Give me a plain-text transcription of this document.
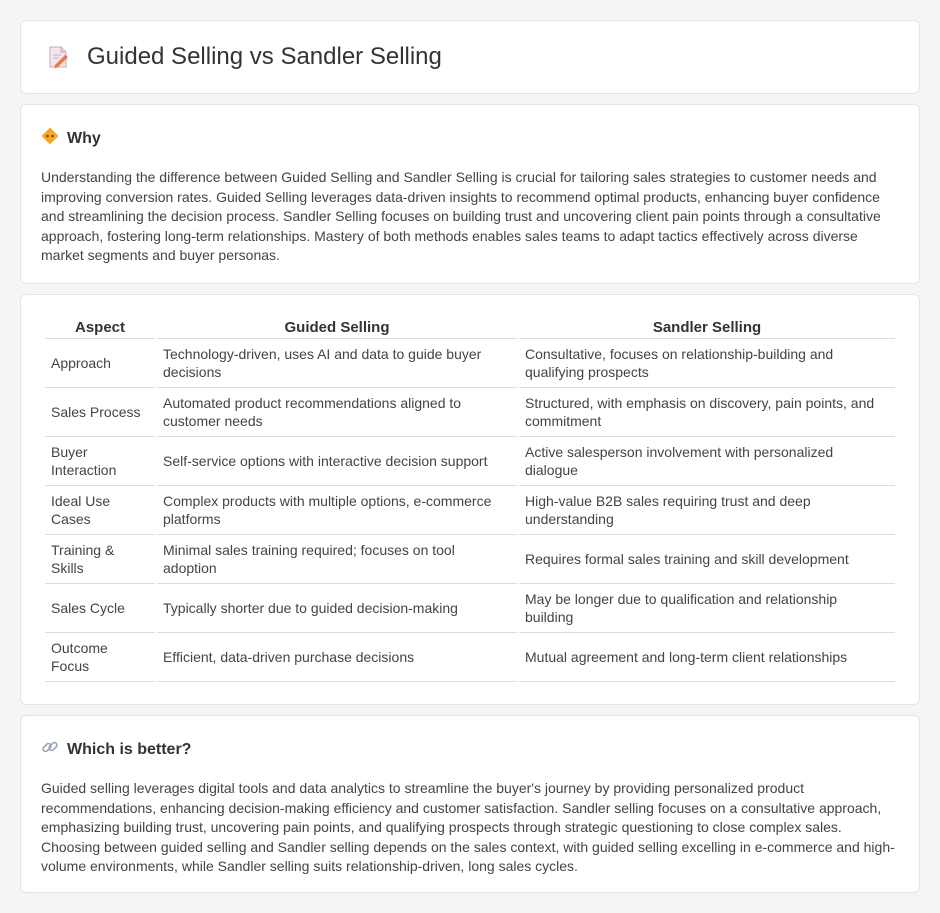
Guided Selling vs Sandler Selling
Why

Understanding the difference between Guided Selling and Sandler Selling is crucial for tailoring sales strategies to customer needs and improving conversion rates. Guided Selling leverages data-driven insights to recommend optimal products, enhancing buyer confidence and streamlining the decision process. Sandler Selling focuses on building trust and uncovering client pain points through a consultative approach, fostering long-term relationships. Mastery of both methods enables sales teams to adapt tactics effectively across diverse market segments and buyer personas.

Aspect	Guided Selling	Sandler Selling
Approach	Technology-driven, uses AI and data to guide buyer decisions	Consultative, focuses on relationship-building and qualifying prospects
Sales Process	Automated product recommendations aligned to customer needs	Structured, with emphasis on discovery, pain points, and commitment
Buyer Interaction	Self-service options with interactive decision support	Active salesperson involvement with personalized dialogue
Ideal Use Cases	Complex products with multiple options, e-commerce platforms	High-value B2B sales requiring trust and deep understanding
Training & Skills	Minimal sales training required; focuses on tool adoption	Requires formal sales training and skill development
Sales Cycle	Typically shorter due to guided decision-making	May be longer due to qualification and relationship building
Outcome Focus	Efficient, data-driven purchase decisions	Mutual agreement and long-term client relationships
Which is better?

Guided selling leverages digital tools and data analytics to streamline the buyer's journey by providing personalized product recommendations, enhancing decision-making efficiency and customer satisfaction. Sandler selling focuses on a consultative approach, emphasizing building trust, uncovering pain points, and qualifying prospects through strategic questioning to close complex sales. Choosing between guided selling and Sandler selling depends on the sales context, with guided selling excelling in e-commerce and high-volume environments, while Sandler selling suits relationship-driven, long sales cycles.
